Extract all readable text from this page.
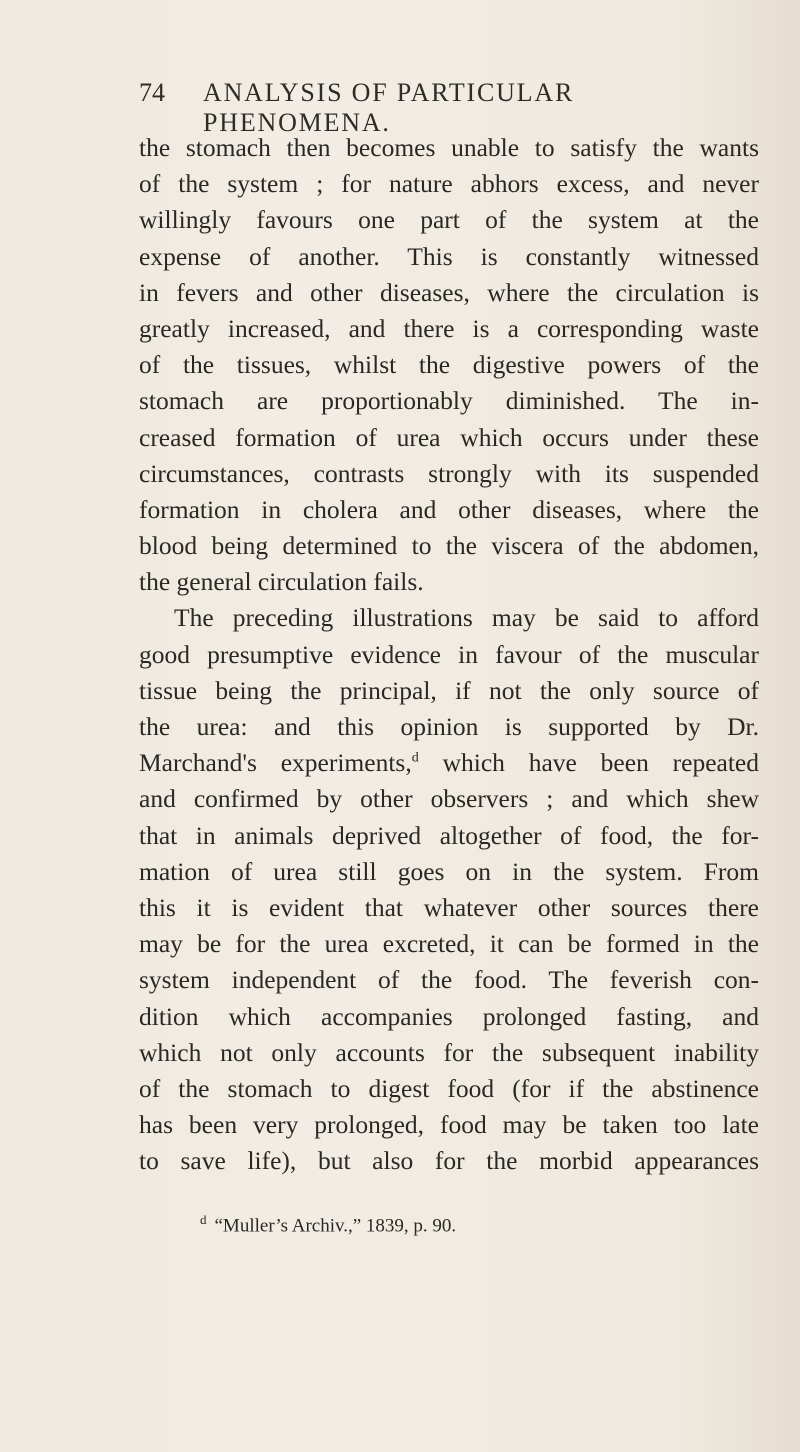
74 ANALYSIS OF PARTICULAR PHENOMENA.
the stomach then becomes unable to satisfy the wants
of the system ; for nature abhors excess, and never
willingly favours one part of the system at the
expense of another. This is constantly witnessed
in fevers and other diseases, where the circulation is
greatly increased, and there is a corresponding waste
of the tissues, whilst the digestive powers of the
stomach are proportionably diminished. The in-
creased formation of urea which occurs under these
circumstances, contrasts strongly with its suspended
formation in cholera and other diseases, where the
blood being determined to the viscera of the abdomen,
the general circulation fails.
The preceding illustrations may be said to afford
good presumptive evidence in favour of the muscular
tissue being the principal, if not the only source of
the urea: and this opinion is supported by Dr.
Marchand's experiments,$^d$ which have been repeated
and confirmed by other observers ; and which shew
that in animals deprived altogether of food, the for-
mation of urea still goes on in the system. From
this it is evident that whatever other sources there
may be for the urea excreted, it can be formed in the
system independent of the food. The feverish con-
dition which accompanies prolonged fasting, and
which not only accounts for the subsequent inability
of the stomach to digest food (for if the abstinence
has been very prolonged, food may be taken too late
to save life), but also for the morbid appearances
$^d$ “Muller’s Archiv.,” 1839, p. 90.
